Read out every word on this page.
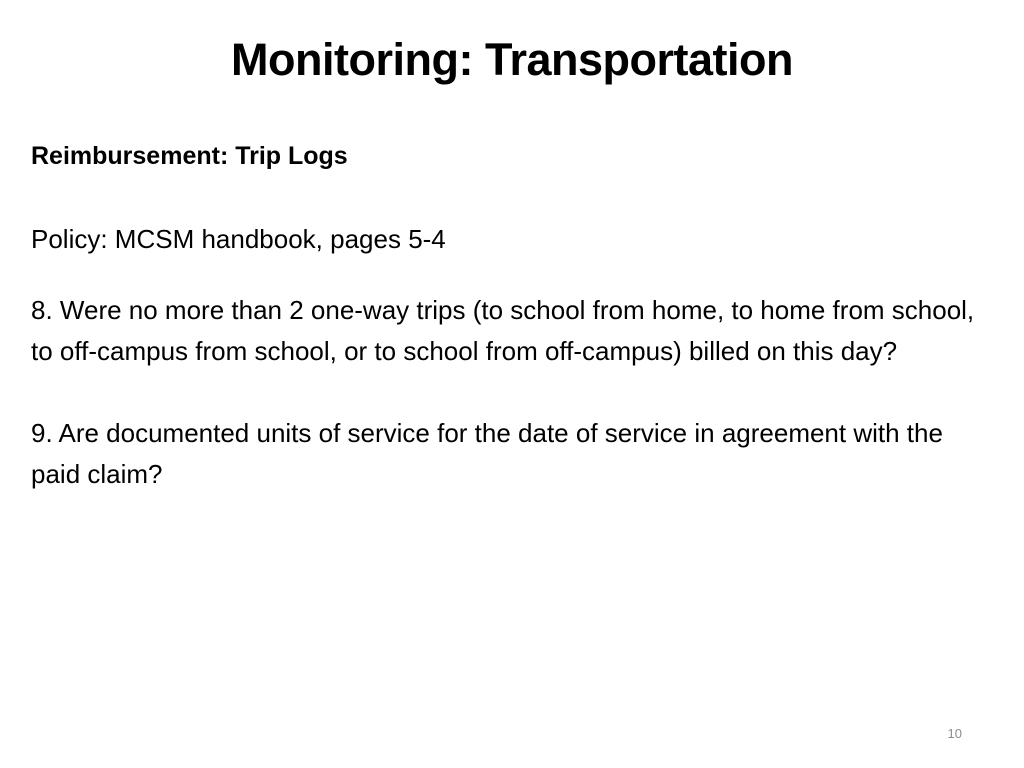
Monitoring: Transportation

Reimbursement: Trip Logs

Policy: MCSM handbook, pages 5-4

8. Were no more than 2 one-way trips (to school from home, to home from school, to off-campus from school, or to school from off-campus) billed on this day?

9. Are documented units of service for the date of service in agreement with the paid claim?

10
